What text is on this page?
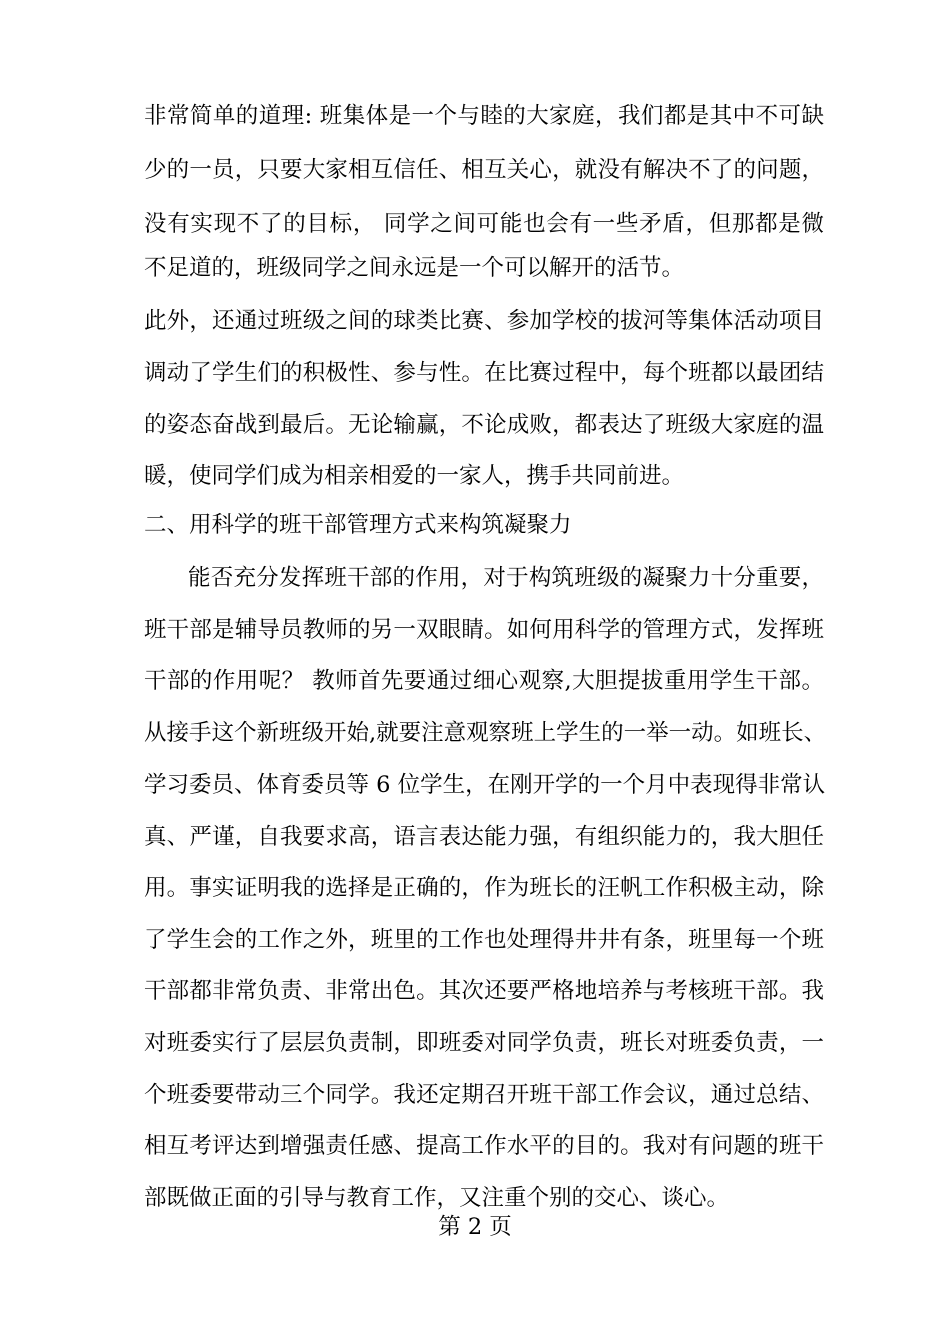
非常简单的道理: 班集体是一个与睦的大家庭，我们都是其中不可缺
少的一员，只要大家相互信任、相互关心，就没有解决不了的问题，
没有实现不了的目标， 同学之间可能也会有一些矛盾，但那都是微
不足道的，班级同学之间永远是一个可以解开的活节。
此外，还通过班级之间的球类比赛、参加学校的拔河等集体活动项目
调动了学生们的积极性、参与性。在比赛过程中，每个班都以最团结
的姿态奋战到最后。无论输赢，不论成败，都表达了班级大家庭的温
暖，使同学们成为相亲相爱的一家人，携手共同前进。
二、用科学的班干部管理方式来构筑凝聚力
能否充分发挥班干部的作用，对于构筑班级的凝聚力十分重要，
班干部是辅导员教师的另一双眼睛。如何用科学的管理方式，发挥班
干部的作用呢？ 教师首先要通过细心观察,大胆提拔重用学生干部。
从接手这个新班级开始,就要注意观察班上学生的一举一动。如班长、
学习委员、体育委员等 6 位学生，在刚开学的一个月中表现得非常认
真、严谨，自我要求高，语言表达能力强，有组织能力的，我大胆任
用。事实证明我的选择是正确的，作为班长的汪帆工作积极主动，除
了学生会的工作之外，班里的工作也处理得井井有条，班里每一个班
干部都非常负责、非常出色。其次还要严格地培养与考核班干部。我
对班委实行了层层负责制，即班委对同学负责，班长对班委负责，一
个班委要带动三个同学。我还定期召开班干部工作会议，通过总结、
相互考评达到增强责任感、提高工作水平的目的。我对有问题的班干
部既做正面的引导与教育工作，又注重个别的交心、谈心。
第 2 页
